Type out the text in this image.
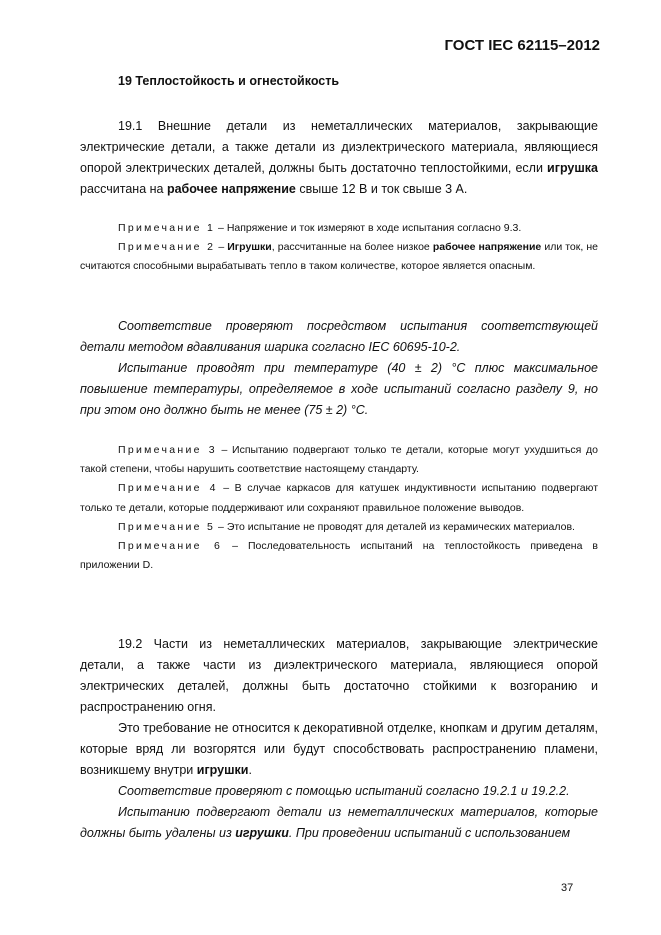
ГОСТ IEC 62115–2012
19 Теплостойкость и огнестойкость

19.1 Внешние детали из неметаллических материалов, закрывающие электрические детали, а также детали из диэлектрического материала, являющиеся опорой электрических деталей, должны быть достаточно теплостойкими, если игрушка рассчитана на рабочее напряжение свыше 12 В и ток свыше 3 А.

Примечание 1 – Напряжение и ток измеряют в ходе испытания согласно 9.3.

Примечание 2 – Игрушки, рассчитанные на более низкое рабочее напряжение или ток, не считаются способными вырабатывать тепло в таком количестве, которое является опасным.

Соответствие проверяют посредством испытания соответствующей детали методом вдавливания шарика согласно IEC 60695-10-2.

Испытание проводят при температуре (40 ± 2) °С плюс максимальное повышение температуры, определяемое в ходе испытаний согласно разделу 9, но при этом оно должно быть не менее (75 ± 2) °С.

Примечание 3 – Испытанию подвергают только те детали, которые могут ухудшиться до такой степени, чтобы нарушить соответствие настоящему стандарту.

Примечание 4 – В случае каркасов для катушек индуктивности испытанию подвергают только те детали, которые поддерживают или сохраняют правильное положение выводов.

Примечание 5 – Это испытание не проводят для деталей из керамических материалов.

Примечание 6 – Последовательность испытаний на теплостойкость приведена в приложении D.

19.2 Части из неметаллических материалов, закрывающие электрические детали, а также части из диэлектрического материала, являющиеся опорой электрических деталей, должны быть достаточно стойкими к возгоранию и распространению огня.

Это требование не относится к декоративной отделке, кнопкам и другим деталям, которые вряд ли возгорятся или будут способствовать распространению пламени, возникшему внутри игрушки.

Соответствие проверяют с помощью испытаний согласно 19.2.1 и 19.2.2.

Испытанию подвергают детали из неметаллических материалов, которые должны быть удалены из игрушки. При проведении испытаний с использованием

37
